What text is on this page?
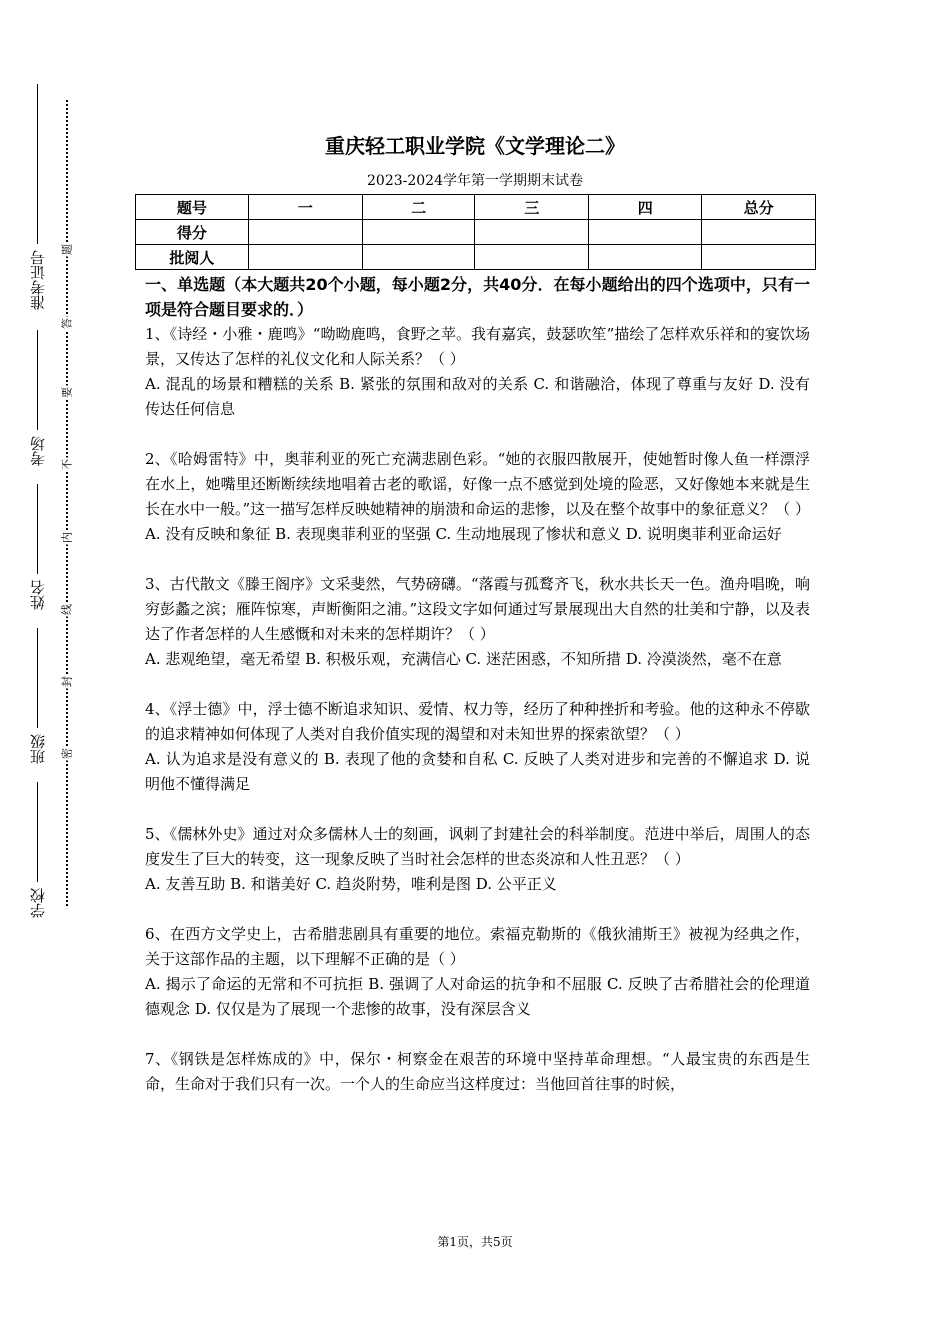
准考证号
考场
姓名
班级
学校
题
答
要
不
内
线
封
密
重庆轻工职业学院《文学理论二》
2023-2024学年第一学期期末试卷
题号	一	二	三	四	总分
得分					
批阅人					

一、单选题（本大题共20个小题，每小题2分，共40分．在每小题给出的四个选项中，只有一项是符合题目要求的．）

1、《诗经・小雅・鹿鸣》“呦呦鹿鸣，食野之苹。我有嘉宾，鼓瑟吹笙”描绘了怎样欢乐祥和的宴饮场景，又传达了怎样的礼仪文化和人际关系？（ ）

A. 混乱的场景和糟糕的关系 B. 紧张的氛围和敌对的关系 C. 和谐融洽，体现了尊重与友好 D. 没有传达任何信息

2、《哈姆雷特》中，奥菲利亚的死亡充满悲剧色彩。“她的衣服四散展开，使她暂时像人鱼一样漂浮在水上，她嘴里还断断续续地唱着古老的歌谣，好像一点不感觉到处境的险恶，又好像她本来就是生长在水中一般。”这一描写怎样反映她精神的崩溃和命运的悲惨，以及在整个故事中的象征意义？（ ）

A. 没有反映和象征 B. 表现奥菲利亚的坚强 C. 生动地展现了惨状和意义 D. 说明奥菲利亚命运好

3、古代散文《滕王阁序》文采斐然，气势磅礴。“落霞与孤鹜齐飞，秋水共长天一色。渔舟唱晚，响穷彭蠡之滨；雁阵惊寒，声断衡阳之浦。”这段文字如何通过写景展现出大自然的壮美和宁静，以及表达了作者怎样的人生感慨和对未来的怎样期许？（ ）

A. 悲观绝望，毫无希望 B. 积极乐观，充满信心 C. 迷茫困惑，不知所措 D. 冷漠淡然，毫不在意

4、《浮士德》中，浮士德不断追求知识、爱情、权力等，经历了种种挫折和考验。他的这种永不停歇的追求精神如何体现了人类对自我价值实现的渴望和对未知世界的探索欲望？（ ）

A. 认为追求是没有意义的 B. 表现了他的贪婪和自私 C. 反映了人类对进步和完善的不懈追求 D. 说明他不懂得满足

5、《儒林外史》通过对众多儒林人士的刻画，讽刺了封建社会的科举制度。范进中举后，周围人的态度发生了巨大的转变，这一现象反映了当时社会怎样的世态炎凉和人性丑恶？（ ）

A. 友善互助 B. 和谐美好 C. 趋炎附势，唯利是图 D. 公平正义

6、在西方文学史上，古希腊悲剧具有重要的地位。索福克勒斯的《俄狄浦斯王》被视为经典之作，关于这部作品的主题，以下理解不正确的是（ ）

A. 揭示了命运的无常和不可抗拒 B. 强调了人对命运的抗争和不屈服 C. 反映了古希腊社会的伦理道德观念 D. 仅仅是为了展现一个悲惨的故事，没有深层含义

7、《钢铁是怎样炼成的》中，保尔・柯察金在艰苦的环境中坚持革命理想。“人最宝贵的东西是生命，生命对于我们只有一次。一个人的生命应当这样度过：当他回首往事的时候，

第1页，共5页
